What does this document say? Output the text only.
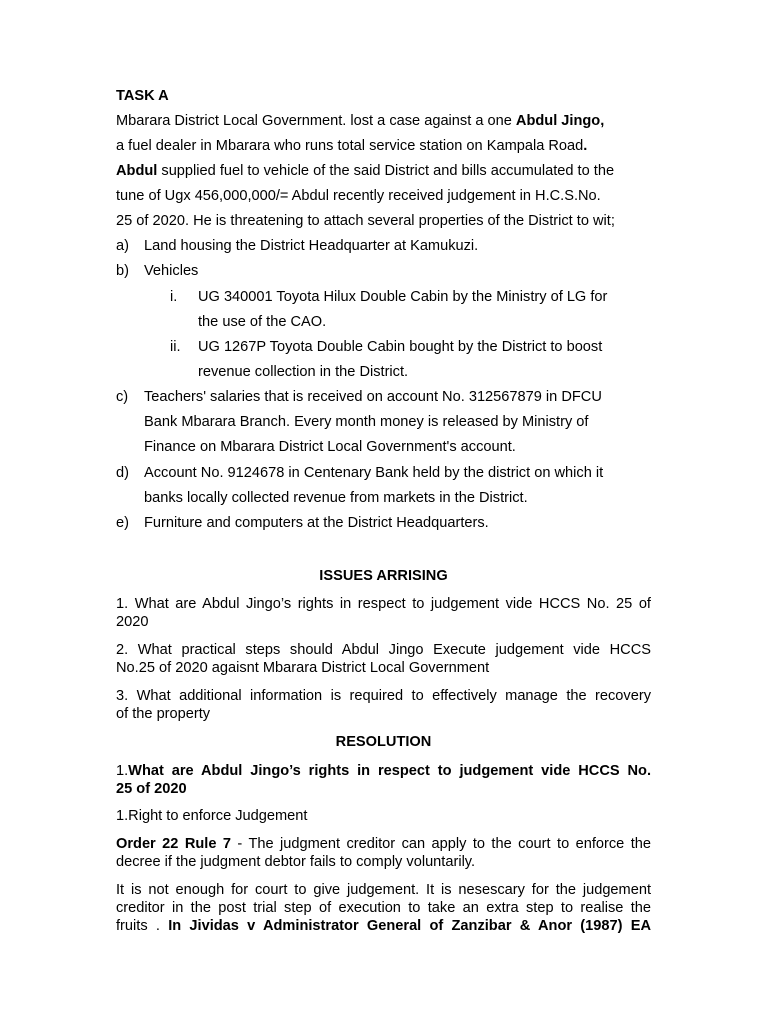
TASK A
Mbarara District Local Government. lost a case against a one Abdul Jingo,
a fuel dealer in Mbarara who runs total service station on Kampala Road.
Abdul supplied fuel to vehicle of the said District and bills accumulated to the
tune of Ugx 456,000,000/= Abdul recently received judgement in H.C.S.No.
25 of 2020. He is threatening to attach several properties of the District to wit;
a) Land housing the District Headquarter at Kamukuzi.
b) Vehicles
i. UG 340001 Toyota Hilux Double Cabin by the Ministry of LG for
the use of the CAO.
ii. UG 1267P Toyota Double Cabin bought by the District to boost
revenue collection in the District.
c) Teachers' salaries that is received on account No. 312567879 in DFCU
Bank Mbarara Branch. Every month money is released by Ministry of
Finance on Mbarara District Local Government's account.
d) Account No. 9124678 in Centenary Bank held by the district on which it
banks locally collected revenue from markets in the District.
e) Furniture and computers at the District Headquarters.
ISSUES ARRISING
1. What are Abdul Jingo’s rights in respect to judgement vide HCCS No. 25 of
2020
2. What practical steps should Abdul Jingo Execute judgement vide HCCS
No.25 of 2020 agaisnt Mbarara District Local Government
3. What additional information is required to effectively manage the recovery
of the property
RESOLUTION
1.What are Abdul Jingo’s rights in respect to judgement vide HCCS No.
25 of 2020
1.Right to enforce Judgement
Order 22 Rule 7 - The judgment creditor can apply to the court to enforce the
decree if the judgment debtor fails to comply voluntarily.
It is not enough for court to give judgement. It is nesescary for the judgement
creditor in the post trial step of execution to take an extra step to realise the
fruits . In Jividas v Administrator General of Zanzibar & Anor (1987) EA
